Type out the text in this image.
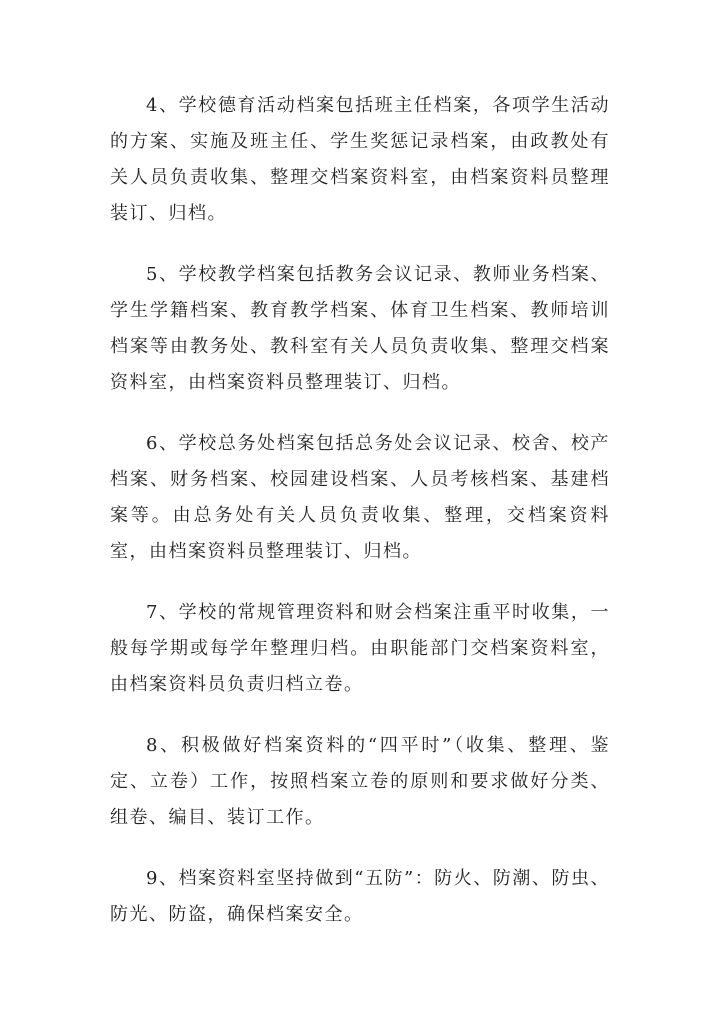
4、学校德育活动档案包括班主任档案，各项学生活动的方案、实施及班主任、学生奖惩记录档案，由政教处有关人员负责收集、整理交档案资料室，由档案资料员整理装订、归档。

5、学校教学档案包括教务会议记录、教师业务档案、学生学籍档案、教育教学档案、体育卫生档案、教师培训档案等由教务处、教科室有关人员负责收集、整理交档案资料室，由档案资料员整理装订、归档。

6、学校总务处档案包括总务处会议记录、校舍、校产档案、财务档案、校园建设档案、人员考核档案、基建档案等。由总务处有关人员负责收集、整理，交档案资料室，由档案资料员整理装订、归档。

7、学校的常规管理资料和财会档案注重平时收集，一般每学期或每学年整理归档。由职能部门交档案资料室，由档案资料员负责归档立卷。

8、积极做好档案资料的“四平时”（收集、整理、鉴定、立卷）工作，按照档案立卷的原则和要求做好分类、组卷、编目、装订工作。

9、档案资料室坚持做到“五防”：防火、防潮、防虫、防光、防盗，确保档案安全。
